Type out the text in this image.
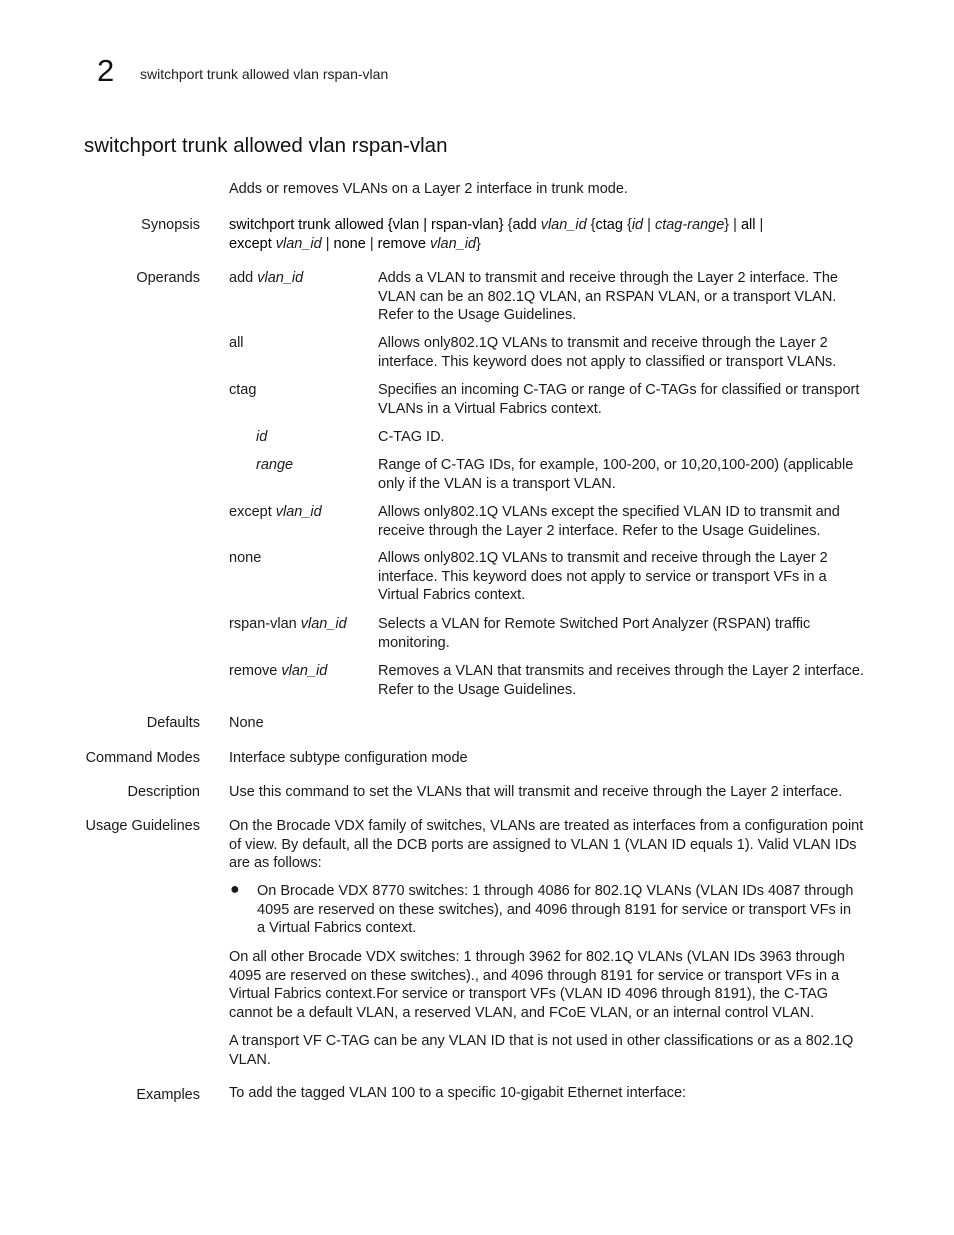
2 switchport trunk allowed vlan rspan-vlan
switchport trunk allowed vlan rspan-vlan
Adds or removes VLANs on a Layer 2 interface in trunk mode.
Synopsis switchport trunk allowed {vlan | rspan-vlan} {add vlan_id {ctag {id | ctag-range} | all |
except vlan_id | none | remove vlan_id}
Operands add vlan_id	Adds a VLAN to transmit and receive through the Layer 2 interface. The VLAN can be an 802.1Q VLAN, an RSPAN VLAN, or a transport VLAN. Refer to the Usage Guidelines.
all	Allows only802.1Q VLANs to transmit and receive through the Layer 2 interface. This keyword does not apply to classified or transport VLANs.
ctag	Specifies an incoming C-TAG or range of C-TAGs for classified or transport VLANs in a Virtual Fabrics context.
id	C-TAG ID.
range	Range of C-TAG IDs, for example, 100-200, or 10,20,100-200) (applicable only if the VLAN is a transport VLAN.
except vlan_id	Allows only802.1Q VLANs except the specified VLAN ID to transmit and receive through the Layer 2 interface. Refer to the Usage Guidelines.
none	Allows only802.1Q VLANs to transmit and receive through the Layer 2 interface. This keyword does not apply to service or transport VFs in a Virtual Fabrics context.
rspan-vlan vlan_id	Selects a VLAN for Remote Switched Port Analyzer (RSPAN) traffic monitoring.
remove vlan_id	Removes a VLAN that transmits and receives through the Layer 2 interface. Refer to the Usage Guidelines.
Defaults None
Command Modes Interface subtype configuration mode
Description Use this command to set the VLANs that will transmit and receive through the Layer 2 interface.
Usage Guidelines On the Brocade VDX family of switches, VLANs are treated as interfaces from a configuration point of view. By default, all the DCB ports are assigned to VLAN 1 (VLAN ID equals 1). Valid VLAN IDs are as follows:
● On Brocade VDX 8770 switches: 1 through 4086 for 802.1Q VLANs (VLAN IDs 4087 through 4095 are reserved on these switches), and 4096 through 8191 for service or transport VFs in a Virtual Fabrics context.
On all other Brocade VDX switches: 1 through 3962 for 802.1Q VLANs (VLAN IDs 3963 through 4095 are reserved on these switches)., and 4096 through 8191 for service or transport VFs in a Virtual Fabrics context.For service or transport VFs (VLAN ID 4096 through 8191), the C-TAG cannot be a default VLAN, a reserved VLAN, and FCoE VLAN, or an internal control VLAN.
A transport VF C-TAG can be any VLAN ID that is not used in other classifications or as a 802.1Q VLAN.
Examples To add the tagged VLAN 100 to a specific 10-gigabit Ethernet interface:
